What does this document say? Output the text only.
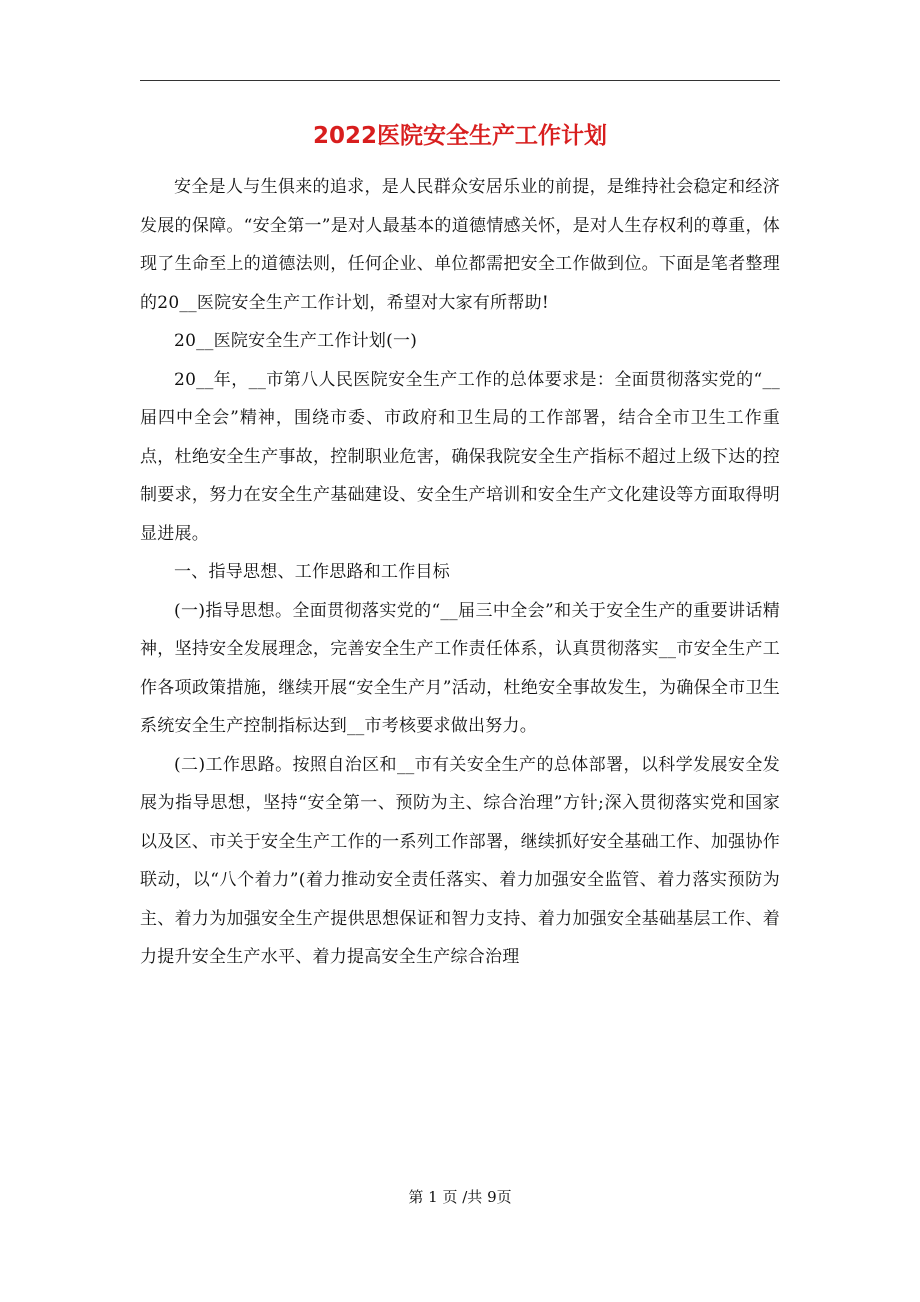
2022医院安全生产工作计划

安全是人与生俱来的追求，是人民群众安居乐业的前提，是维持社会稳定和经济发展的保障。“安全第一”是对人最基本的道德情感关怀，是对人生存权利的尊重，体现了生命至上的道德法则，任何企业、单位都需把安全工作做到位。下面是笔者整理的20__医院安全生产工作计划，希望对大家有所帮助!

20__医院安全生产工作计划(一)

20__年，__市第八人民医院安全生产工作的总体要求是：全面贯彻落实党的“__届四中全会”精神，围绕市委、市政府和卫生局的工作部署，结合全市卫生工作重点，杜绝安全生产事故，控制职业危害，确保我院安全生产指标不超过上级下达的控制要求，努力在安全生产基础建设、安全生产培训和安全生产文化建设等方面取得明显进展。

一、指导思想、工作思路和工作目标

(一)指导思想。全面贯彻落实党的“__届三中全会”和关于安全生产的重要讲话精神，坚持安全发展理念，完善安全生产工作责任体系，认真贯彻落实__市安全生产工作各项政策措施，继续开展“安全生产月”活动，杜绝安全事故发生，为确保全市卫生系统安全生产控制指标达到__市考核要求做出努力。

(二)工作思路。按照自治区和__市有关安全生产的总体部署，以科学发展安全发展为指导思想，坚持“安全第一、预防为主、综合治理”方针;深入贯彻落实党和国家以及区、市关于安全生产工作的一系列工作部署，继续抓好安全基础工作、加强协作联动，以“八个着力”(着力推动安全责任落实、着力加强安全监管、着力落实预防为主、着力为加强安全生产提供思想保证和智力支持、着力加强安全基础基层工作、着力提升安全生产水平、着力提高安全生产综合治理

第 1 页 /共 9页
